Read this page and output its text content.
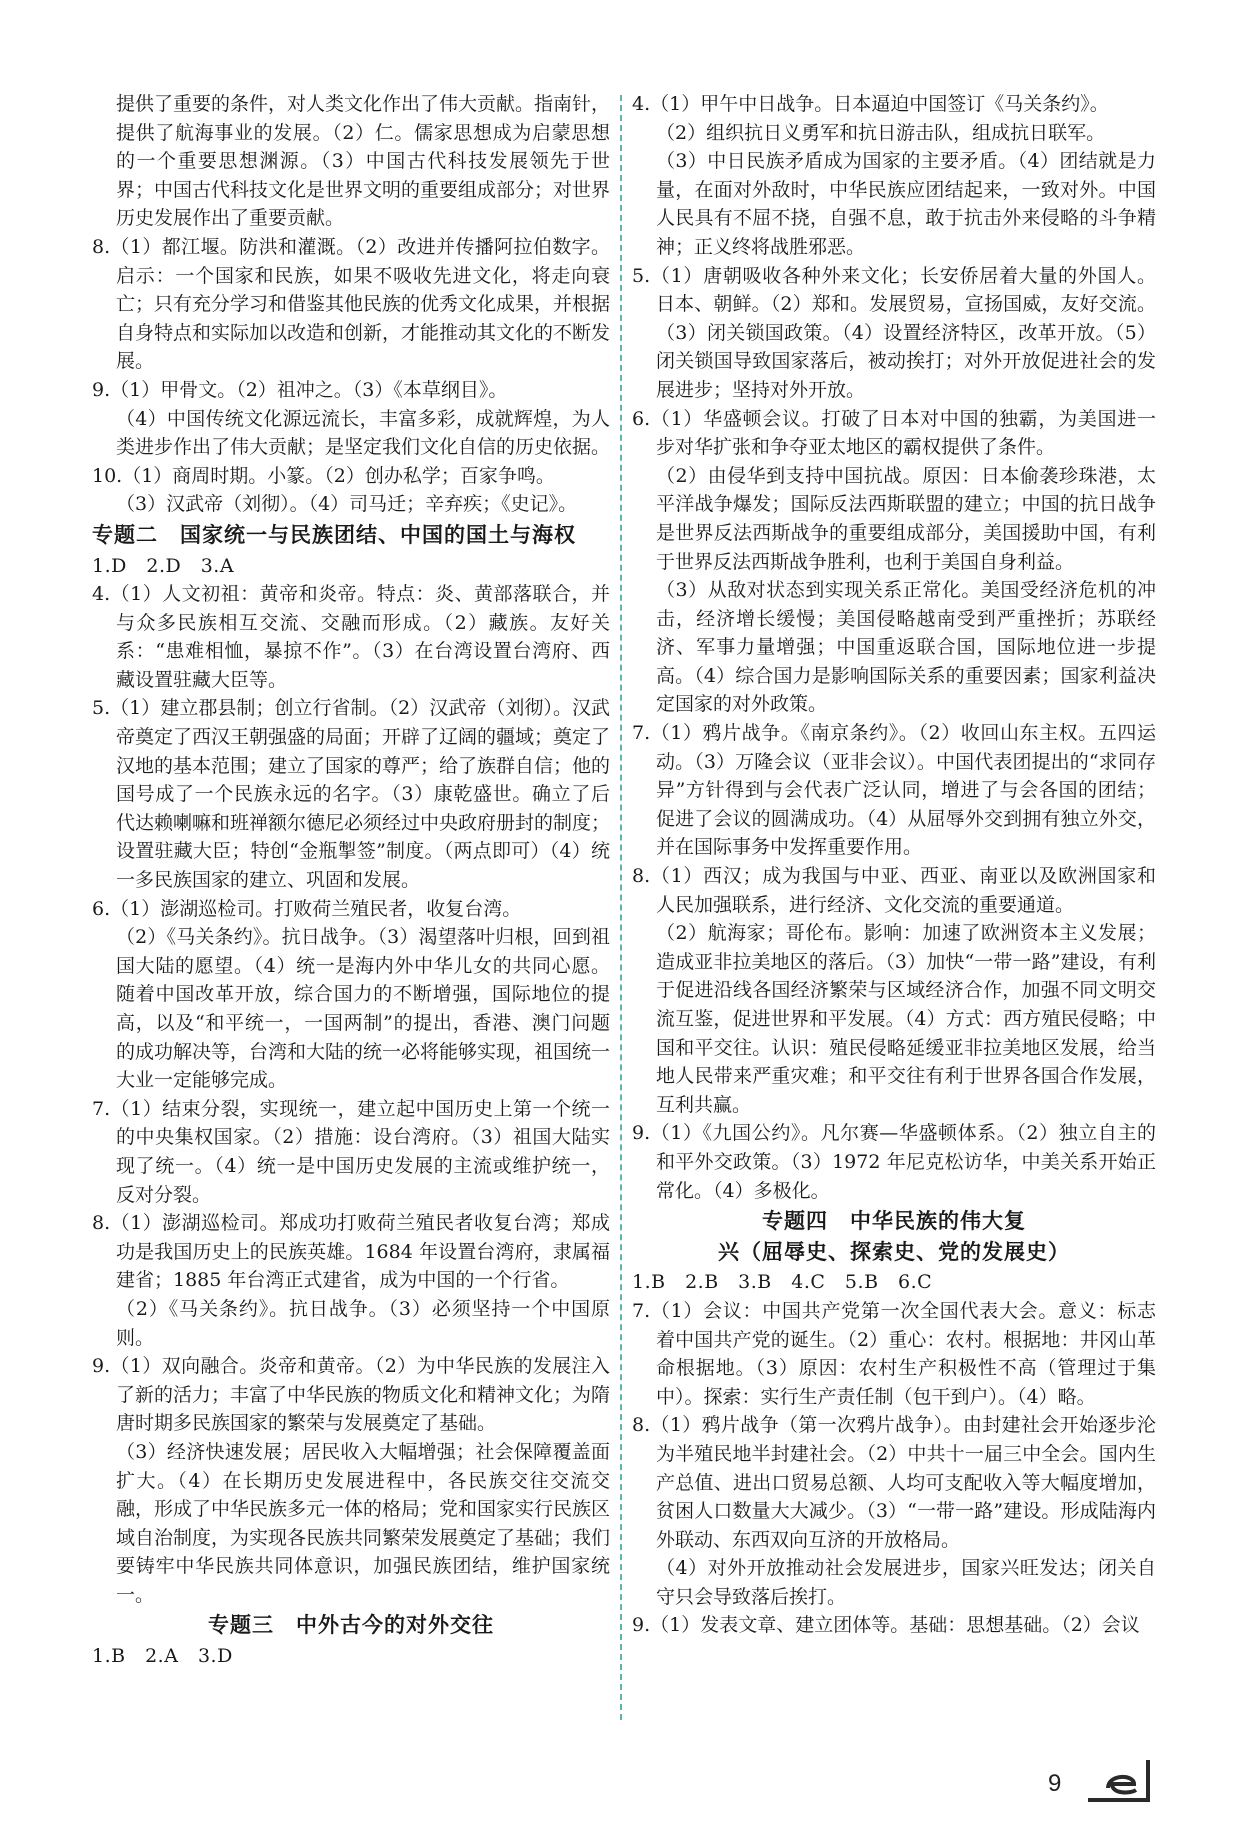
提供了重要的条件，对人类文化作出了伟大贡献。指南针，提供了航海事业的发展。（2）仁。儒家思想成为启蒙思想的一个重要思想渊源。（3）中国古代科技发展领先于世界；中国古代科技文化是世界文明的重要组成部分；对世界历史发展作出了重要贡献。

8.（1）都江堰。防洪和灌溉。（2）改进并传播阿拉伯数字。启示：一个国家和民族，如果不吸收先进文化，将走向衰亡；只有充分学习和借鉴其他民族的优秀文化成果，并根据自身特点和实际加以改造和创新，才能推动其文化的不断发展。

9.（1）甲骨文。（2）祖冲之。（3）《本草纲目》。

（4）中国传统文化源远流长，丰富多彩，成就辉煌，为人类进步作出了伟大贡献；是坚定我们文化自信的历史依据。

10.（1）商周时期。小篆。（2）创办私学；百家争鸣。

（3）汉武帝（刘彻）。（4）司马迁；辛弃疾；《史记》。

专题二　国家统一与民族团结、中国的国土与海权
1.D　2.D　3.A

4.（1）人文初祖：黄帝和炎帝。特点：炎、黄部落联合，并与众多民族相互交流、交融而形成。（2）藏族。友好关系：“患难相恤，暴掠不作”。（3）在台湾设置台湾府、西藏设置驻藏大臣等。

5.（1）建立郡县制；创立行省制。（2）汉武帝（刘彻）。汉武帝奠定了西汉王朝强盛的局面；开辟了辽阔的疆域；奠定了汉地的基本范围；建立了国家的尊严；给了族群自信；他的国号成了一个民族永远的名字。（3）康乾盛世。确立了后代达赖喇嘛和班禅额尔德尼必须经过中央政府册封的制度；设置驻藏大臣；特创“金瓶掣签”制度。（两点即可）（4）统一多民族国家的建立、巩固和发展。

6.（1）澎湖巡检司。打败荷兰殖民者，收复台湾。

（2）《马关条约》。抗日战争。（3）渴望落叶归根，回到祖国大陆的愿望。（4）统一是海内外中华儿女的共同心愿。随着中国改革开放，综合国力的不断增强，国际地位的提高，以及“和平统一，一国两制”的提出，香港、澳门问题的成功解决等，台湾和大陆的统一必将能够实现，祖国统一大业一定能够完成。

7.（1）结束分裂，实现统一，建立起中国历史上第一个统一的中央集权国家。（2）措施：设台湾府。（3）祖国大陆实现了统一。（4）统一是中国历史发展的主流或维护统一，反对分裂。

8.（1）澎湖巡检司。郑成功打败荷兰殖民者收复台湾；郑成功是我国历史上的民族英雄。1684 年设置台湾府，隶属福建省；1885 年台湾正式建省，成为中国的一个行省。

（2）《马关条约》。抗日战争。（3）必须坚持一个中国原则。

9.（1）双向融合。炎帝和黄帝。（2）为中华民族的发展注入了新的活力；丰富了中华民族的物质文化和精神文化；为隋唐时期多民族国家的繁荣与发展奠定了基础。

（3）经济快速发展；居民收入大幅增强；社会保障覆盖面扩大。（4）在长期历史发展进程中，各民族交往交流交融，形成了中华民族多元一体的格局；党和国家实行民族区域自治制度，为实现各民族共同繁荣发展奠定了基础；我们要铸牢中华民族共同体意识，加强民族团结，维护国家统一。

专题三　中外古今的对外交往
1.B　2.A　3.D

4.（1）甲午中日战争。日本逼迫中国签订《马关条约》。

（2）组织抗日义勇军和抗日游击队，组成抗日联军。

（3）中日民族矛盾成为国家的主要矛盾。（4）团结就是力量，在面对外敌时，中华民族应团结起来，一致对外。中国人民具有不屈不挠，自强不息，敢于抗击外来侵略的斗争精神；正义终将战胜邪恶。

5.（1）唐朝吸收各种外来文化；长安侨居着大量的外国人。日本、朝鲜。（2）郑和。发展贸易，宣扬国威，友好交流。（3）闭关锁国政策。（4）设置经济特区，改革开放。（5）闭关锁国导致国家落后，被动挨打；对外开放促进社会的发展进步；坚持对外开放。

6.（1）华盛顿会议。打破了日本对中国的独霸，为美国进一步对华扩张和争夺亚太地区的霸权提供了条件。

（2）由侵华到支持中国抗战。原因：日本偷袭珍珠港，太平洋战争爆发；国际反法西斯联盟的建立；中国的抗日战争是世界反法西斯战争的重要组成部分，美国援助中国，有利于世界反法西斯战争胜利，也利于美国自身利益。

（3）从敌对状态到实现关系正常化。美国受经济危机的冲击，经济增长缓慢；美国侵略越南受到严重挫折；苏联经济、军事力量增强；中国重返联合国，国际地位进一步提高。（4）综合国力是影响国际关系的重要因素；国家利益决定国家的对外政策。

7.（1）鸦片战争。《南京条约》。（2）收回山东主权。五四运动。（3）万隆会议（亚非会议）。中国代表团提出的“求同存异”方针得到与会代表广泛认同，增进了与会各国的团结；促进了会议的圆满成功。（4）从屈辱外交到拥有独立外交，并在国际事务中发挥重要作用。

8.（1）西汉；成为我国与中亚、西亚、南亚以及欧洲国家和人民加强联系，进行经济、文化交流的重要通道。

（2）航海家；哥伦布。影响：加速了欧洲资本主义发展；造成亚非拉美地区的落后。（3）加快“一带一路”建设，有利于促进沿线各国经济繁荣与区域经济合作，加强不同文明交流互鉴，促进世界和平发展。（4）方式：西方殖民侵略；中国和平交往。认识：殖民侵略延缓亚非拉美地区发展，给当地人民带来严重灾难；和平交往有利于世界各国合作发展，互利共赢。

9.（1）《九国公约》。凡尔赛—华盛顿体系。（2）独立自主的和平外交政策。（3）1972 年尼克松访华，中美关系开始正常化。（4）多极化。

专题四　中华民族的伟大复
兴（屈辱史、探索史、党的发展史）
1.B　2.B　3.B　4.C　5.B　6.C

7.（1）会议：中国共产党第一次全国代表大会。意义：标志着中国共产党的诞生。（2）重心：农村。根据地：井冈山革命根据地。（3）原因：农村生产积极性不高（管理过于集中）。探索：实行生产责任制（包干到户）。（4）略。

8.（1）鸦片战争（第一次鸦片战争）。由封建社会开始逐步沦为半殖民地半封建社会。（2）中共十一届三中全会。国内生产总值、进出口贸易总额、人均可支配收入等大幅度增加，贫困人口数量大大减少。（3）“一带一路”建设。形成陆海内外联动、东西双向互济的开放格局。

（4）对外开放推动社会发展进步，国家兴旺发达；闭关自守只会导致落后挨打。

9.（1）发表文章、建立团体等。基础：思想基础。（2）会议

9
